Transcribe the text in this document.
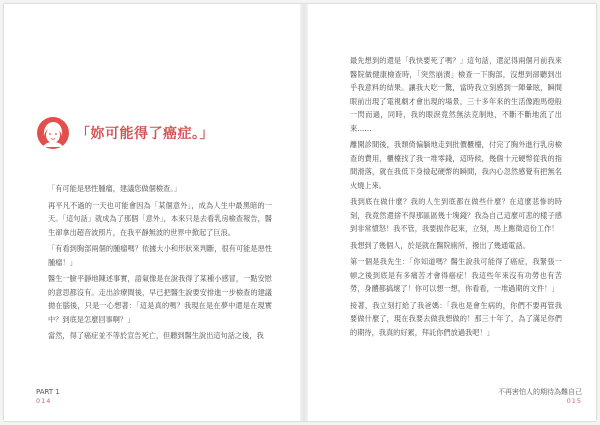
「妳可能得了癌症。」

「有可能是惡性腫瘤，建議您做個檢查。」

再平凡不過的一天也可能會因為「某個意外」，成為人生中最黑暗的一天。「這句話」就成為了那個「意外」，本來只是去看乳房檢查報告，醫生卻拿出超音波照片，在我平靜無波的世界中掀起了巨浪。

「有看到胸部兩個的腫瘤嗎？依據大小和形狀來判斷，很有可能是惡性腫瘤！」

醫生一臉平靜地陳述事實，語氣像是在說我得了某種小感冒，一點安慰的意思都沒有。走出診療間後，早已把醫生說要安排進一步檢查的建議拋在腦後，只是一心想著：「這是真的嗎？我現在是在夢中還是在現實中？到底是怎麼回事啊？」

當然，得了癌症並不等於宣告死亡，但聽到醫生說出這句話之後，我

PART 1
014

最先想到的還是「我快要死了嗎？」這句話，還記得兩個月前我來醫院做健康檢查時，「突然崩潰」檢查一下胸部，沒想到卻聽到出乎我意料的結果。讓我大吃一驚，當時我立刻感到一陣暈眩，瞬間眼前出現了電視劇才會出現的場景，三十多年來的生活像跑馬燈般一閃而過，同時，我的眼淚竟然無法克制地，不斷不斷地流了出來……

離開診間後，我頹倚偏躺地走到批價櫃檯，付完了胸外進行乳房檢查的費用，櫃檯找了我一堆零錢，這時候，幾個十元硬幣從我的指間滑落，就在我低下身撿起硬幣的瞬間，我內心忽然感覺有把無名火燒上來。

我到底在做什麼？我的人生到底都在做些什麼？在這麼悲慘的時刻，我竟然還捨不得那區區幾十塊錢？我為自己這麼可悲的樣子感到非常憤怒！我不管，我要振作起來，立刻，馬上應徵這份工作！

我想到了幾個人，於是就在醫院廁所，撥出了幾通電話。

第一個是我先生：「你知道嗎？醫生說我可能得了癌症，我緊張一頓之後到底是有多痛苦才會得癌症！我這些年來沒有功勞也有苦勞，身體都搞壞了！你可以想一想，你看看，一堆過期的文件！」

接著，我立刻打給了我爸媽：「我也是會生病的，你們不要再管我要做什麼了，現在我要去做我想做的！那三十年了，為了滿足你們的期待，我真的好累，拜託你們放過我吧！」

不再害怕人的期待為難自己
015
